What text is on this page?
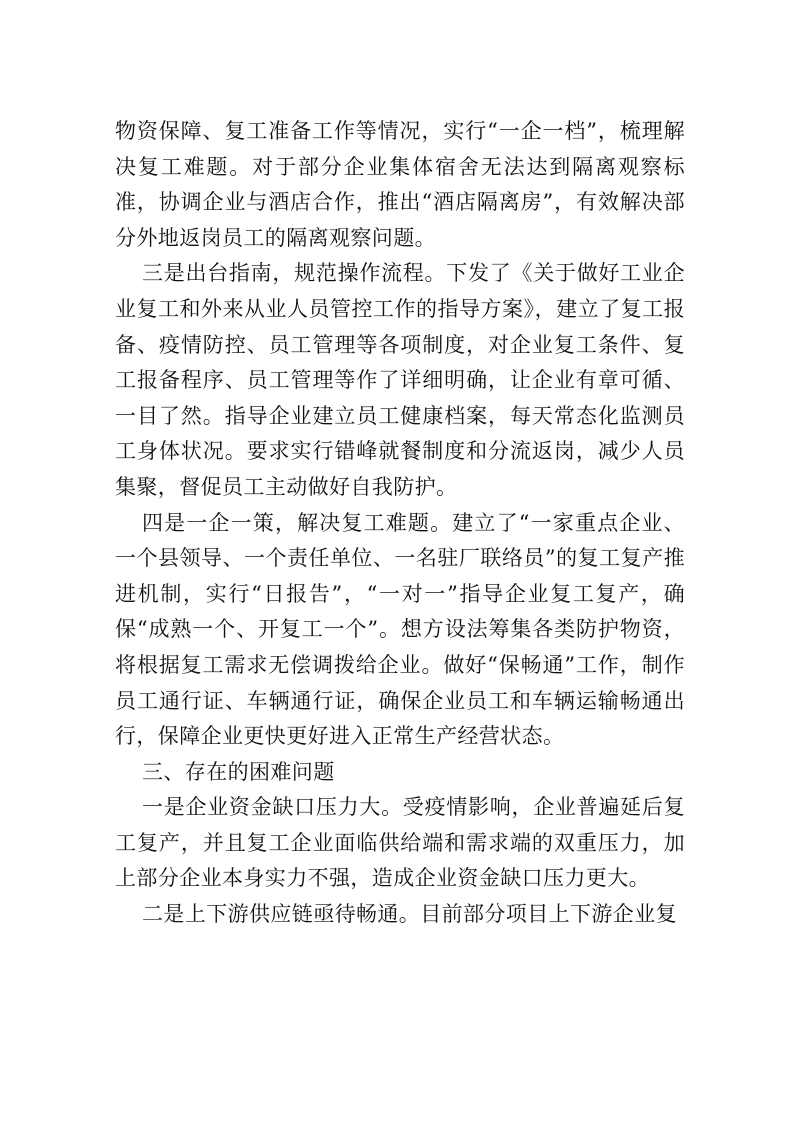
物资保障、复工准备工作等情况，实行“一企一档”，梳理解决复工难题。对于部分企业集体宿舍无法达到隔离观察标准，协调企业与酒店合作，推出“酒店隔离房”，有效解决部分外地返岗员工的隔离观察问题。

三是出台指南，规范操作流程。下发了《关于做好工业企业复工和外来从业人员管控工作的指导方案》，建立了复工报备、疫情防控、员工管理等各项制度，对企业复工条件、复工报备程序、员工管理等作了详细明确，让企业有章可循、一目了然。指导企业建立员工健康档案，每天常态化监测员工身体状况。要求实行错峰就餐制度和分流返岗，减少人员集聚，督促员工主动做好自我防护。

四是一企一策，解决复工难题。建立了“一家重点企业、一个县领导、一个责任单位、一名驻厂联络员”的复工复产推进机制，实行“日报告”，“一对一”指导企业复工复产，确保“成熟一个、开复工一个”。想方设法筹集各类防护物资，将根据复工需求无偿调拨给企业。做好“保畅通”工作，制作员工通行证、车辆通行证，确保企业员工和车辆运输畅通出行，保障企业更快更好进入正常生产经营状态。

三、存在的困难问题

一是企业资金缺口压力大。受疫情影响，企业普遍延后复工复产，并且复工企业面临供给端和需求端的双重压力，加上部分企业本身实力不强，造成企业资金缺口压力更大。

二是上下游供应链亟待畅通。目前部分项目上下游企业复
